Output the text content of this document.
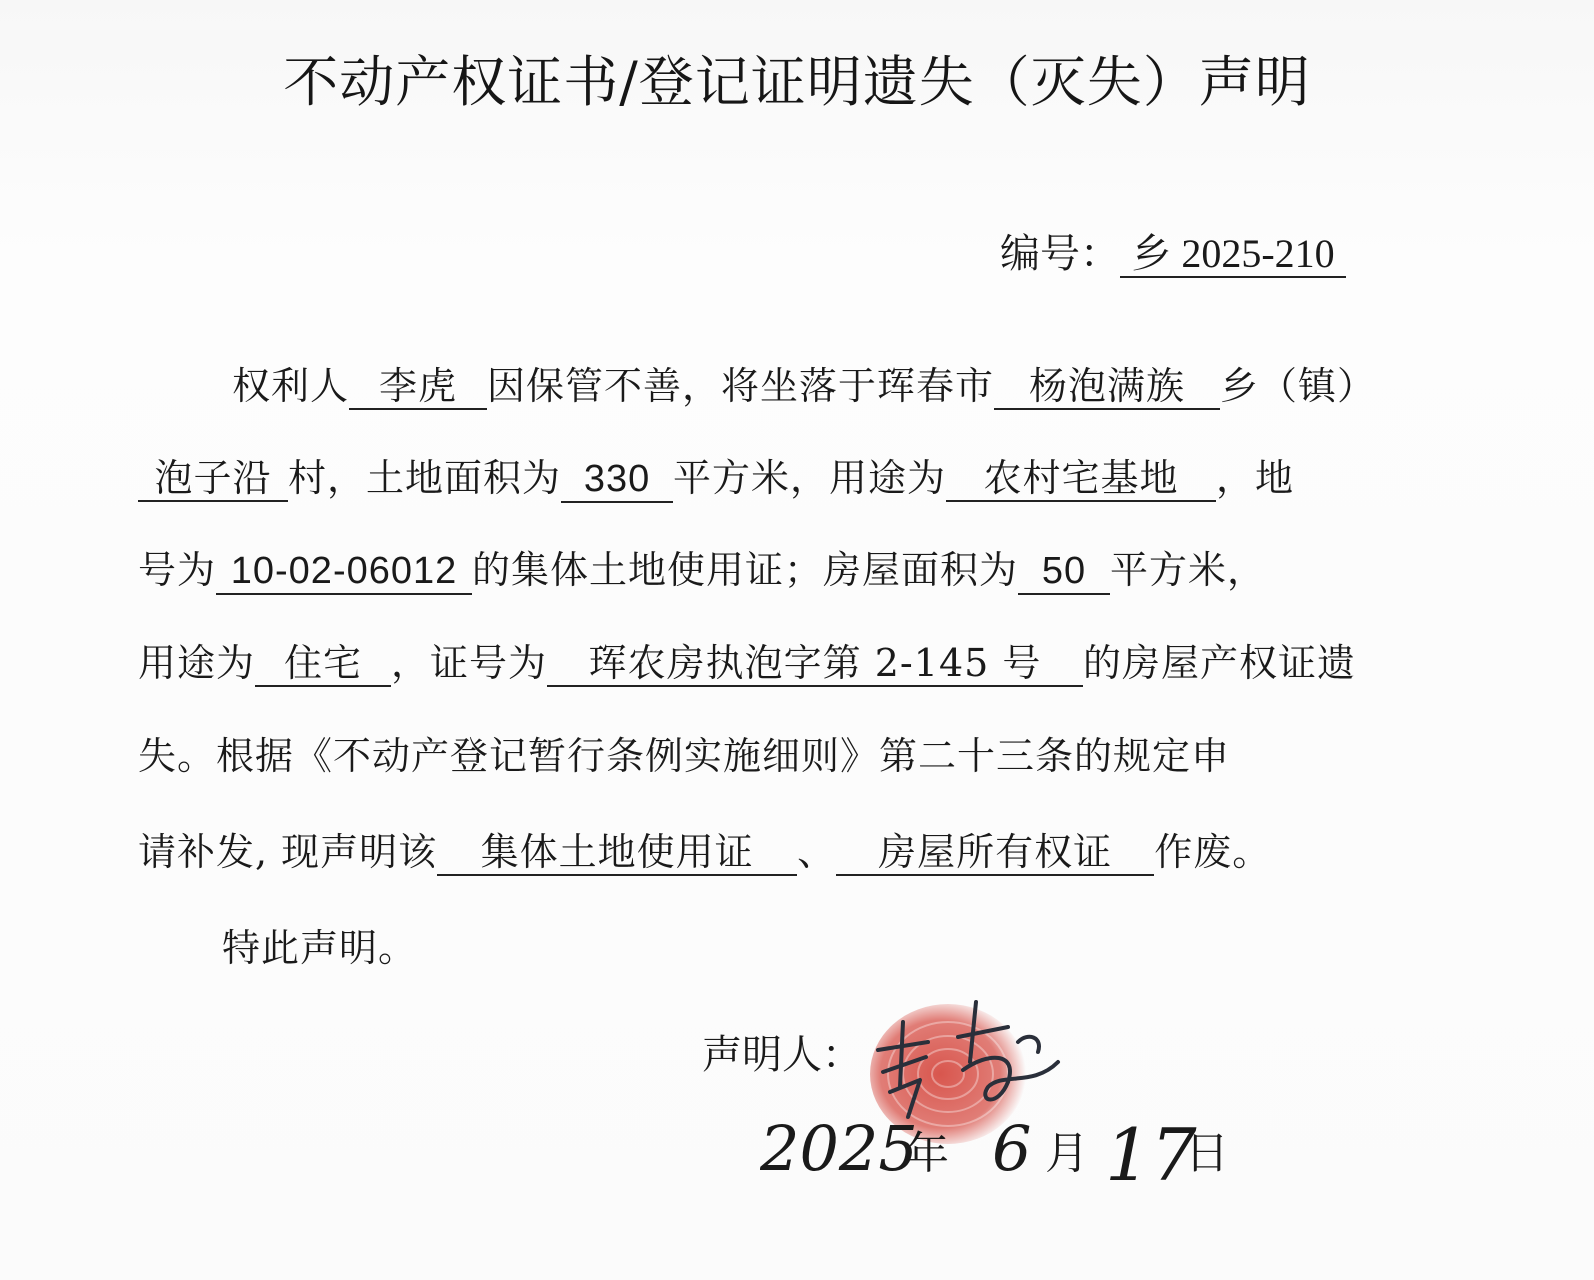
不动产权证书/登记证明遗失（灭失）声明
编号： 乡 2025-210
权利人 李虎 因保管不善，将坐落于珲春市 杨泡满族 乡（镇）
泡子沿 村，土地面积为 330 平方米，用途为 农村宅基地 ，地
号为 10-02-06012 的集体土地使用证；房屋面积为 50 平方米，
用途为 住宅 ，证号为 珲农房执泡字第 2-145 号 的房屋产权证遗
失。根据《不动产登记暂行条例实施细则》第二十三条的规定申
请补发, 现声明该 集体土地使用证 、 房屋所有权证 作废。
特此声明。
声明人：
2025
年 6 月 17
日
